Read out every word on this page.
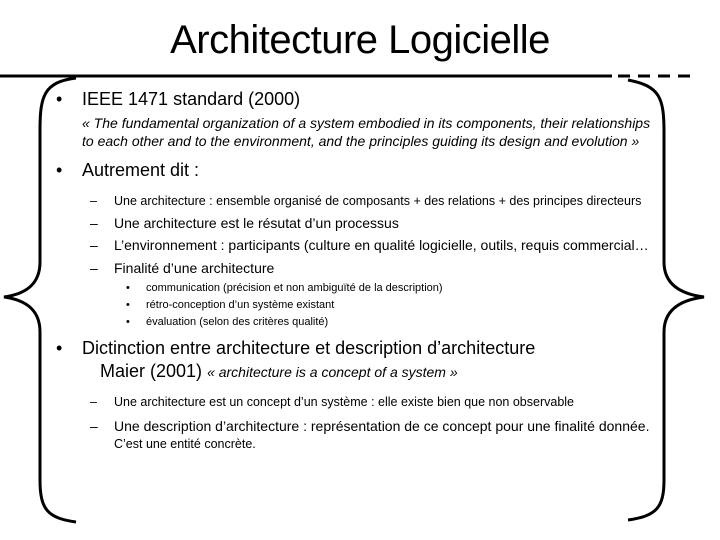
Architecture Logicielle
• IEEE 1471 standard (2000)
« The fundamental organization of a system embodied in its components, their relationships to each other and to the environment, and the principles guiding its design and evolution »
• Autrement dit :
– Une architecture : ensemble organisé de composants + des relations + des principes directeurs
– Une architecture est le résutat d’un processus
– L’environnement : participants (culture en qualité logicielle, outils, requis commercial…
– Finalité d’une architecture
• communication (précision et non ambiguïté de la description)
• rétro-conception d’un système existant
• évaluation (selon des critères qualité)
• Dictinction entre architecture et description d’architecture
Maier (2001) « architecture is a concept of a system »
– Une architecture est un concept d’un système : elle existe bien que non observable
– Une description d’architecture : représentation de ce concept pour une finalité donnée. C’est une entité concrète.
